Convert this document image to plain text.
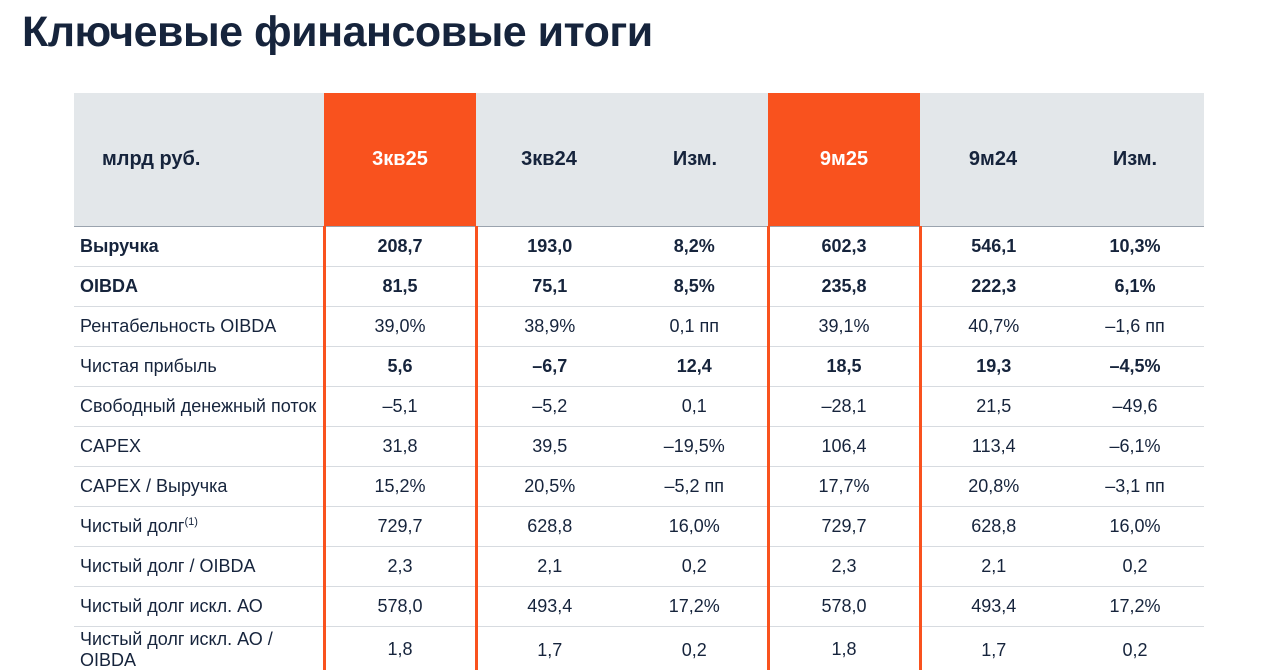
Ключевые финансовые итоги
млрд руб.	3кв25	3кв24	Изм.	9м25	9м24	Изм.
Выручка	208,7	193,0	8,2%	602,3	546,1	10,3%
OIBDA	81,5	75,1	8,5%	235,8	222,3	6,1%
Рентабельность OIBDA	39,0%	38,9%	0,1 пп	39,1%	40,7%	–1,6 пп
Чистая прибыль	5,6	–6,7	12,4	18,5	19,3	–4,5%
Свободный денежный поток	–5,1	–5,2	0,1	–28,1	21,5	–49,6
CAPEX	31,8	39,5	–19,5%	106,4	113,4	–6,1%
CAPEX / Выручка	15,2%	20,5%	–5,2 пп	17,7%	20,8%	–3,1 пп
Чистый долг$^{(1)}$	729,7	628,8	16,0%	729,7	628,8	16,0%
Чистый долг / OIBDA	2,3	2,1	0,2	2,3	2,1	0,2
Чистый долг искл. АО	578,0	493,4	17,2%	578,0	493,4	17,2%

Чистый долг искл. АО / OIBDA	1,8	1,7	0,2	1,8	1,7	0,2
